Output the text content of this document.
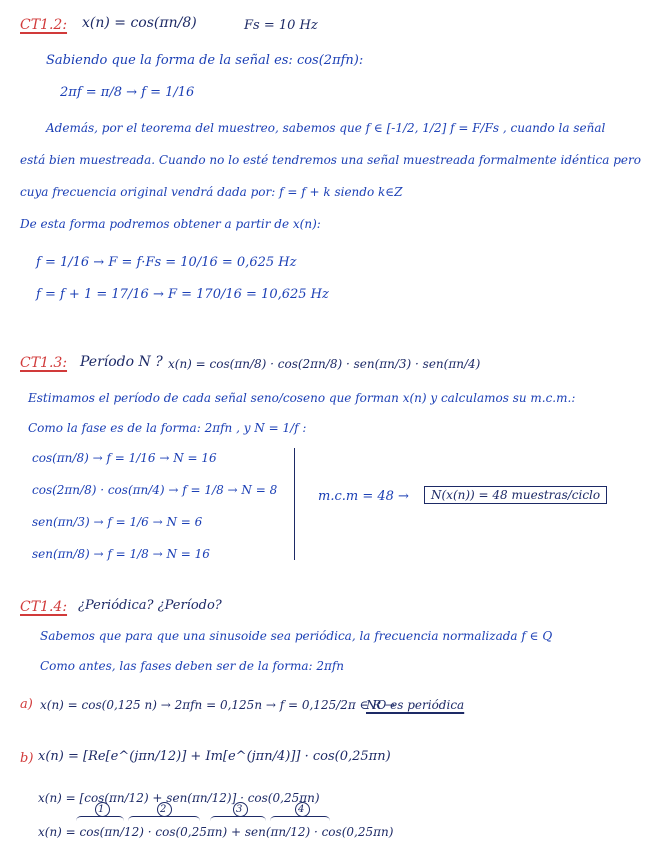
CT1.2: x(n) = cos(πn/8)	Fs = 10 Hz
Sabiendo que la forma de la señal es: cos(2πfn):
2πf = π/8 → f = 1/16
Además, por el teorema del muestreo, sabemos que f ∈ [-1/2, 1/2] f = F/Fs , cuando la señal
está bien muestreada. Cuando no lo esté tendremos una señal muestreada formalmente idéntica pero
cuya frecuencia original vendrá dada por: f = f + k siendo k∈Z
De esta forma podremos obtener a partir de x(n):
f = 1/16 → F = f·Fs = 10/16 = 0,625 Hz
f = f + 1 = 17/16 → F = 170/16 = 10,625 Hz
CT1.3: Período N ? x(n) = cos(πn/8) · cos(2πn/8) · sen(πn/3) · sen(πn/4)
Estimamos el período de cada señal seno/coseno que forman x(n) y calculamos su m.c.m.:
Como la fase es de la forma: 2πfn , y N = 1/f :
cos(πn/8) → f = 1/16 → N = 16
cos(2πn/8) · cos(πn/4) → f = 1/8 → N = 8
sen(πn/3) → f = 1/6 → N = 6
sen(πn/8) → f = 1/8 → N = 16
m.c.m = 48 →	N(x(n)) = 48 muestras/ciclo
CT1.4: ¿Periódica? ¿Período?
Sabemos que para que una sinusoide sea periódica, la frecuencia normalizada f ∈ Q
Como antes, las fases deben ser de la forma: 2πfn
a) x(n) = cos(0,125 n) → 2πfn = 0,125n → f = 0,125/2π ∈ R →
NO es periódica
b) x(n) = [Re[e^(jπn/12)] + Im[e^(jπn/4)]] · cos(0,25πn)
x(n) = [cos(πn/12) + sen(πn/12)] · cos(0,25πn)
1	2	3	4
x(n) = cos(πn/12) · cos(0,25πn) + sen(πn/12) · cos(0,25πn)
